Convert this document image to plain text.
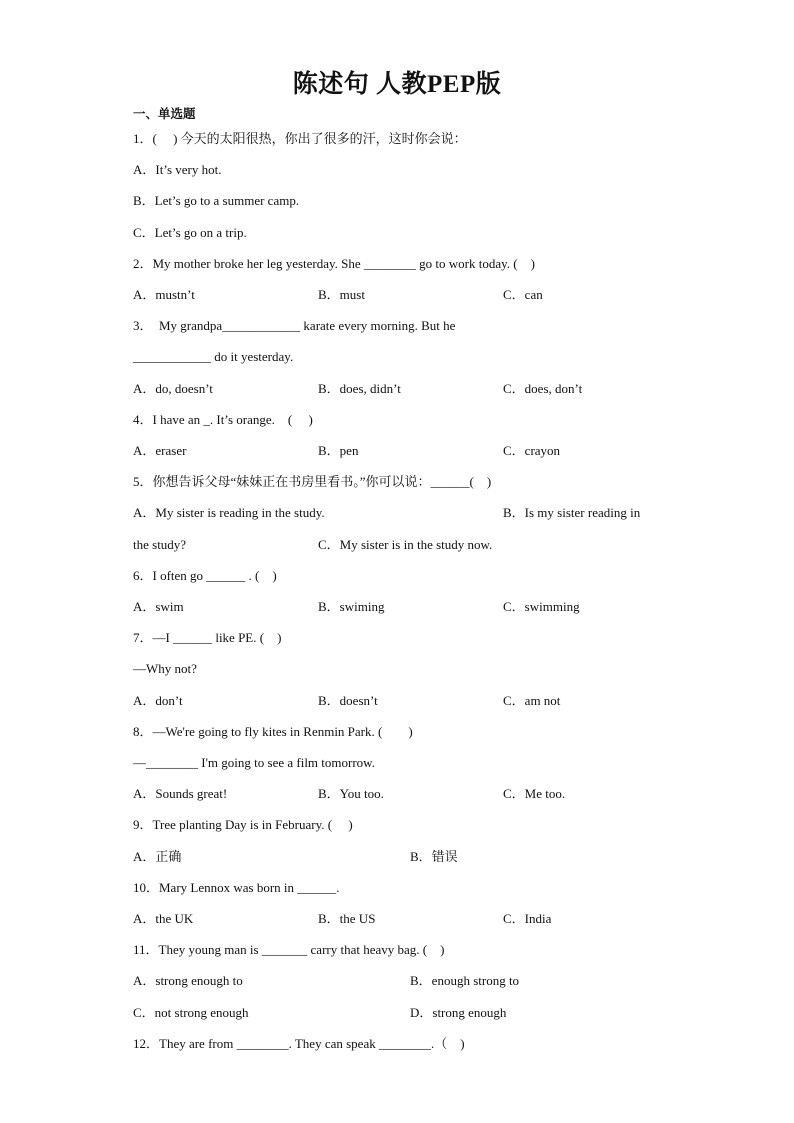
陈述句 人教PEP版
一、单选题
1．(　 ) 今天的太阳很热，你出了很多的汗，这时你会说：
A．It’s very hot.
B．Let’s go to a summer camp.
C．Let’s go on a trip.
2．My mother broke her leg yesterday. She ________ go to work today. (　)
A．mustn’t	B．must	C．can
3．　My grandpa____________ karate every morning. But he
____________ do it yesterday.
A．do, doesn’t	B．does, didn’t	C．does, don’t
4．I have an _. It’s orange.　(　 )
A．eraser	B．pen	C．crayon
5．你想告诉父母“妹妹正在书房里看书。”你可以说：______(　)
A．My sister is reading in the study.	B．Is my sister reading in
the study?	C．My sister is in the study now.
6．I often go ______ . (　)
A．swim	B．swiming	C．swimming
7．—I ______ like PE. (　)
—Why not?
A．don’t	B．doesn’t	C．am not
8．—We're going to fly kites in Renmin Park. (　　)
—________ I'm going to see a film tomorrow.
A．Sounds great!	B．You too.	C．Me too.
9．Tree planting Day is in February. (　 )
A．正确	B．错误
10．Mary Lennox was born in ______.
A．the UK	B．the US	C．India
11．They young man is _______ carry that heavy bag. (　)
A．strong enough to	B．enough strong to
C．not strong enough	D．strong enough
12．They are from ________. They can speak ________.（　)
